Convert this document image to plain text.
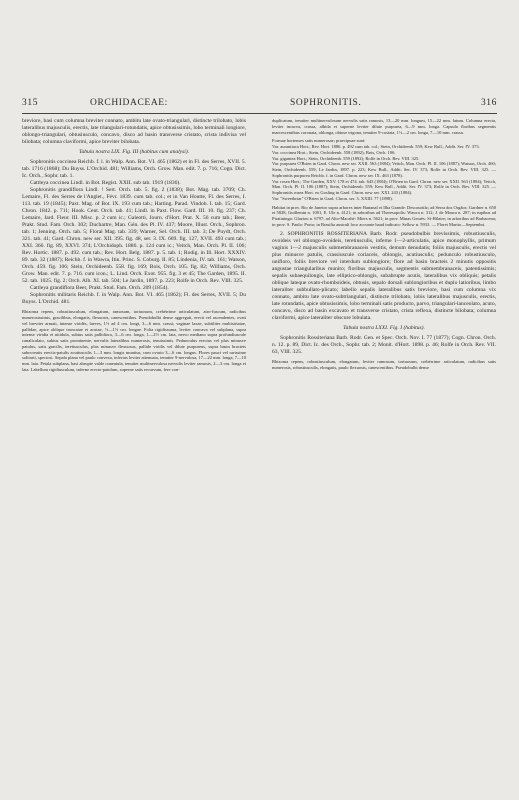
315	ORCHIDACEAE:	SOPHRONITIS.	316

breviore, basi cum columna breviter connato, ambitu late ovato-triangulari, distincte trilobato, lobis lateralibus majusculis, erectis, late triangulari-rotundatis, apice obtusissimis, lobo terminali longiore, oblongo-triangulari, obtusiusculo, concavo, disco ad basin transverse cristato, crista indivisa vel bilobata; columna claviformi, apice breviter bilobata.

Tabula nostra LIX. Fig. III (habitus cum analysi).

Sophronitis coccinea Reichb. f. l. in Walp. Ann. Bot. VI. 465 (1862) et in Fl. des Serres, XVII. 5. tab. 1716 (1868); Du Buyss. L'Orchid. 481; Williams, Orch. Grow. Man. edit. 7. p. 716; Cogn. Dict. Ic. Orch., Sophr. tab. 1.

Cattleya coccinea Lindl. in Bot. Regist. XXII. sub tab. 1919 (1836).

Sophronitis grandiflora Lindl. ! Sert. Orch. tab. 5. fig. 2 (1838); Bot. Mag. tab. 3709; Ch. Lemaire, Fl. des Serres de l'Anglet., Févr. 1839. cum tab. col.; et in Van Houtte, Fl. des Serres, I. 113. tab. 19 (1845); Paxt. Mag. of Bot. IX. 193 cum tab.; Harting. Parad. Vindob. I. tab. 15; Gard. Chron. 1842. p. 711; Hook. Cent. Orch. tab. 41; Lindl. in Paxt. Flow. Gard. III. 10. fig. 237; Ch. Lemaire, Jard. Fleur. III. Misc. p. 2 cum ic.; Galeotti, Journ. d'Hort. Prat. X. 56 cum tab.; Beer, Prakt. Stud. Fam. Orch. 302; Duchartre, Man. Gén. des Pl. IV. 437; Moore, Illust. Orch., Sophron. tab. 1; Jenning. Orch. tab. 5; Floral Mag. tab. 339; Warner, Sel. Orch. III. tab. 3; De Puydt, Orch. 321. tab. 41; Gard. Chron. new ser. XII. 395. fig. 48, ser. 3. IX. 669. fig. 127, XVII. 493 cum tab.; XXI. 366. fig. 89, XXVI. 374; L'Orchidoph. 1886. p. 124 cum ic.; Veitch, Man. Orch. Pl. II. 106; Rev. Hortic. 1887. p. 492. cum tab.; Rev. Hort. Belg. 1887. p. 5. tab. 1; Rodig. in Ill. Hort. XXXIV. 89. tab. 32 (1887); Reichb. f. in Wawra, Itin. Princ. S. Coburg. II. 85; Lindenia, IV. tab. 161; Watson, Orch. 459. fig. 106; Stein, Orchideenb. 558. fig. 169; Bois, Orch. 105. fig. 82; Williams, Orch. Grow. Man. edit. 7. p. 716. cum icon.; L. Lind. Orch. Exot. 955. fig. 3 et 45; The Garden, 1895. II. 52. tab. 1025. fig. 2; Orch. Alb. XI. tab. 504; Le Jardin, 1897. p. 223; Rolfe in Orch. Rev. VIII. 325.

Cattleya grandiflora Beer, Prakt. Stud. Fam. Orch. 209 (1854).

Sophronitis militaris Reichb. f. in Walp. Ann. Bot. VI. 465 (1862); Fl. des Serres, XVII. 5; Du Buyss. L'Orchid. 481.

Rhizoma repens, robustiusculum, elongatum, ramosum, tortuosum, crebérrime articulatum, atro-fuscum, radicibus numerosissimis, gracilibus, elongatis, flexuosis, canescentibus. Pseudobulbi dense aggregati, erecti vel ascendentes, ovati vel breviter armati, intense viridés, laeves, 1½ ad 4 cm. longi, 3—6 mm. crassi; vaginae laxae, subtiliter multistriatae, pallidae, apice oblique truncatae et acutae, ½—1½ cm. longae. Folia rigidissuma, leviter concava vel subplana, supra intense viridia et nitidula, subtus satis pallidiora, 3—6 cm. longa, 1—2½ cm. lata, nervo mediano supra profundiuscule canaliculato, subtus satis prominente, nervulis lateralibus numerosis, tenuissimis. Pedunculus erectus vel plus minusve patulus, satis gracilis, teretiusculus, plus minusve flexuosus, pallide viridis vel dilute purpureus, supra basin bracteis subocreatis erectis-patulis acutiusculis 1—3 mm. longis munitus, cum ovario 3—6 cm. longus. Flores pauci vel rarissime solitarii, speciosi. Sepala plana vel paulo convexa, inferius leviter attenuata, tenuiter 9-nervulosa, 17—22 mm. longa, 7—10 mm. lata. Petala subplana, basi abrupte valde cuneatula, tenuiter multinervulosa nervulis leviter ramosis, 2—3 cm. longa et lata. Labellum rigidiusculum, inferne erecto-patulum, superne satis recurvum, fere con-

duplicatum, tenuiter multinervulosum nervulis satis ramosis, 13—20 mm. longum, 15—22 mm. latum. Columna erecta, leviter incurva, crassa, albida et superne leviter dilute purpurea, 6—9 mm. longa. Capsula floribus segmentis marcescentibus coronata, oblonga, obtuse trigona, tenuiter 9-costata, 1½—2 cm. longa, 7—10 mm. crassa.

Formae hortenses satis numerosae; praecipuae sunt:

Var. aurantiaca Hort.; Rev. Hort. 1886. p. 492 cum tab. col.; Stein, Orchideenb. 559; Kew Bull., Addit. Ser. IV. 373.

Var. coccinea Hort.; Stein, Orchideenb. 558 (1892); Bois, Orch. 106.

Var. gigantea Hort.; Stein, Orchideenb. 559 (1892); Rolfe in Orch. Rev. VIII. 325.

Var. purpurea O'Brien in Gard. Chron. new ser. XXII. 563 (1884); Veitch, Man. Orch. Pl. II. 106 (1887); Watson, Orch. 460; Stein, Orchideenb. 559; Le Jardin, 1897. p. 223; Kew Bull., Addit. Ser. IV. 373; Rolfe in Orch. Rev. VIII. 325. — Sophronitis purpurea Reichb. f. in Gard. Chron. new ser. IX. 463 (1878).

Var. rosea Hort.; The Garden, XXV. 178 et 474. tab. 643 (1884); O'Brien in Gard. Chron. new ser. XXII. 563 (1884); Veitch, Man. Orch. Pl. II. 106 (1887); Stein, Orchideenb. 559; Kew Bull., Addit. Ser. IV. 373; Rolfe in Orch. Rev. VIII. 325. — Sophronitis rosea Hort. ex Gosling in Gard. Chron. new ser. XXI. 243 (1884).

Var. "Sweetbriar" O'Brien in Gard. Chron. ser. 3. XXIII. 77 (1898).

Habitat in prov. Rio de Janeiro supra arbores inter Bananal et Ilha Grande: Descourtilz; ad Serra dos Orgãos: Gardner n. 650 et 5828, Guillemin n. 1001, E. Ule n. 4121; in arboribus ad Theresopolis: Wawra n. 312; J. de Moura n. 287; in rupibus ad Piratininga: Glaziou n. 6797; ad Alto-Macahé: Miers n. 5621; in prov. Minas Geraës: St-Hilaire; in arboribus ad Barbacena; in prov. S. Paulo: Porto; in Brasilia australi loco accurate haud indicato: Sellow n. 5933. — Floret Martio—Septembri.

2. SOPHRONITIS ROSSITERIANA Barb. Rodr. pseudobulbis brevissimis, robustiusculis, ovoideis vel oblongo-ovoideis, teretiusculis, inferne 1—2-articulatis, apice monophyllis, primum vaginis 1—2 majusculis submembranaceis vestitis, demum denudatis; foliis majusculis, erectis vel plus minusve patulis, crassiuscule coriaceis, oblongis, acutiusculis; pedunculo robustiusculo, unifloro, foliis breviore vel interdum sublongiore; flore ad basin bracteis 2 minutis oppositis angustae triangularibus munito; floribus majusculis, segmentis submembranaceis, patentissimis; sepalis subaequilongis, late elliptico-oblongis, subabrupte acutis, lateralibus vix obliquis; petalis oblique lateque ovato-rhomboideis, obtusis, sepalo dorsali sublongioribus et duplo latioribus, limbo lateraliter subbullato-plicato; labello sepalis lateralibus satis breviore, basi cum columna vix connato, ambitu late ovato-subtriangulari, distincte trilobato, lobis lateralibus majusculis, erectis, late rotundatis, apice obtusissimis, lobo terminali satis producto, parvo, triangulari-lanceolato, acuto, concavo, disco ad basin excavato et transverse cristato, crista reflexa, distincte bilobata; columna claviformi, apice lateraliter obscure lobulata.

Tabula nostra LXXI. Fig. I (habitus).

Sophronitis Rossiteriana Barb. Rodr. Gen. et Spec. Orch. Nov. I. 77 (1877); Cogn. Chron. Orch. n. 12. p. 89, Dict. Ic. des Orch., Sophr. tab. 2; Monit. d'Hort. 1898. p. 46; Rolfe in Orch. Rev. VII. 63, VIII. 325.

Rhizoma repens, robustiusculum, elongatum, leviter ramosum, tortuosum, crebérrime articulatum, radicibus satis numerosis, robustiusculis, elongatis, paulo flexuosis, canescentibus. Pseudobulbi dense
